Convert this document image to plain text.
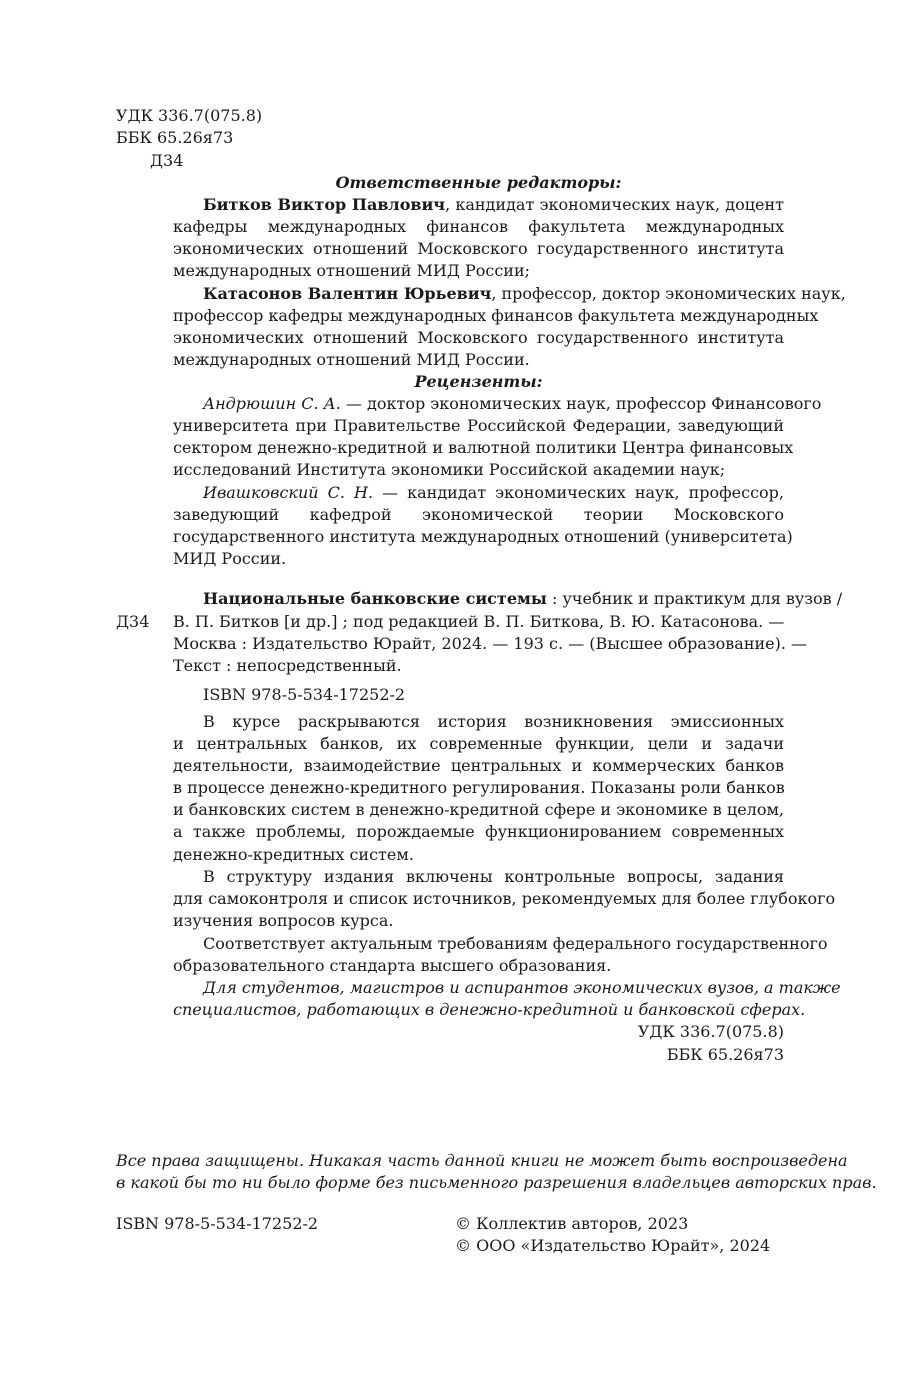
УДК 336.7(075.8)
ББК 65.26я73
Д34
Ответственные редакторы:
Битков Виктор Павлович, кандидат экономических наук, доцент
кафедры международных финансов факультета международных
экономических отношений Московского государственного института
международных отношений МИД России;
Катасонов Валентин Юрьевич, профессор, доктор экономических наук,
профессор кафедры международных финансов факультета международных
экономических отношений Московского государственного института
международных отношений МИД России.
Рецензенты:
Андрюшин С. А. — доктор экономических наук, профессор Финансового
университета при Правительстве Российской Федерации, заведующий
сектором денежно-кредитной и валютной политики Центра финансовых
исследований Института экономики Российской академии наук;
Ивашковский С. Н. — кандидат экономических наук, профессор,
заведующий кафедрой экономической теории Московского
государственного института международных отношений (университета)
МИД России.
Национальные банковские системы : учебник и практикум для вузов /
Д34 В. П. Битков [и др.] ; под редакцией В. П. Биткова, В. Ю. Катасонова. —
Москва : Издательство Юрайт, 2024. — 193 с. — (Высшее образование). —
Текст : непосредственный.
ISBN 978-5-534-17252-2
В курсе раскрываются история возникновения эмиссионных
и центральных банков, их современные функции, цели и задачи
деятельности, взаимодействие центральных и коммерческих банков
в процессе денежно-кредитного регулирования. Показаны роли банков
и банковских систем в денежно-кредитной сфере и экономике в целом,
а также проблемы, порождаемые функционированием современных
денежно-кредитных систем.
В структуру издания включены контрольные вопросы, задания
для самоконтроля и список источников, рекомендуемых для более глубокого
изучения вопросов курса.
Соответствует актуальным требованиям федерального государственного
образовательного стандарта высшего образования.
Для студентов, магистров и аспирантов экономических вузов, а также
специалистов, работающих в денежно-кредитной и банковской сферах.
УДК 336.7(075.8)
ББК 65.26я73
Все права защищены. Никакая часть данной книги не может быть воспроизведена
в какой бы то ни было форме без письменного разрешения владельцев авторских прав.
ISBN 978-5-534-17252-2	© Коллектив авторов, 2023
© ООО «Издательство Юрайт», 2024
